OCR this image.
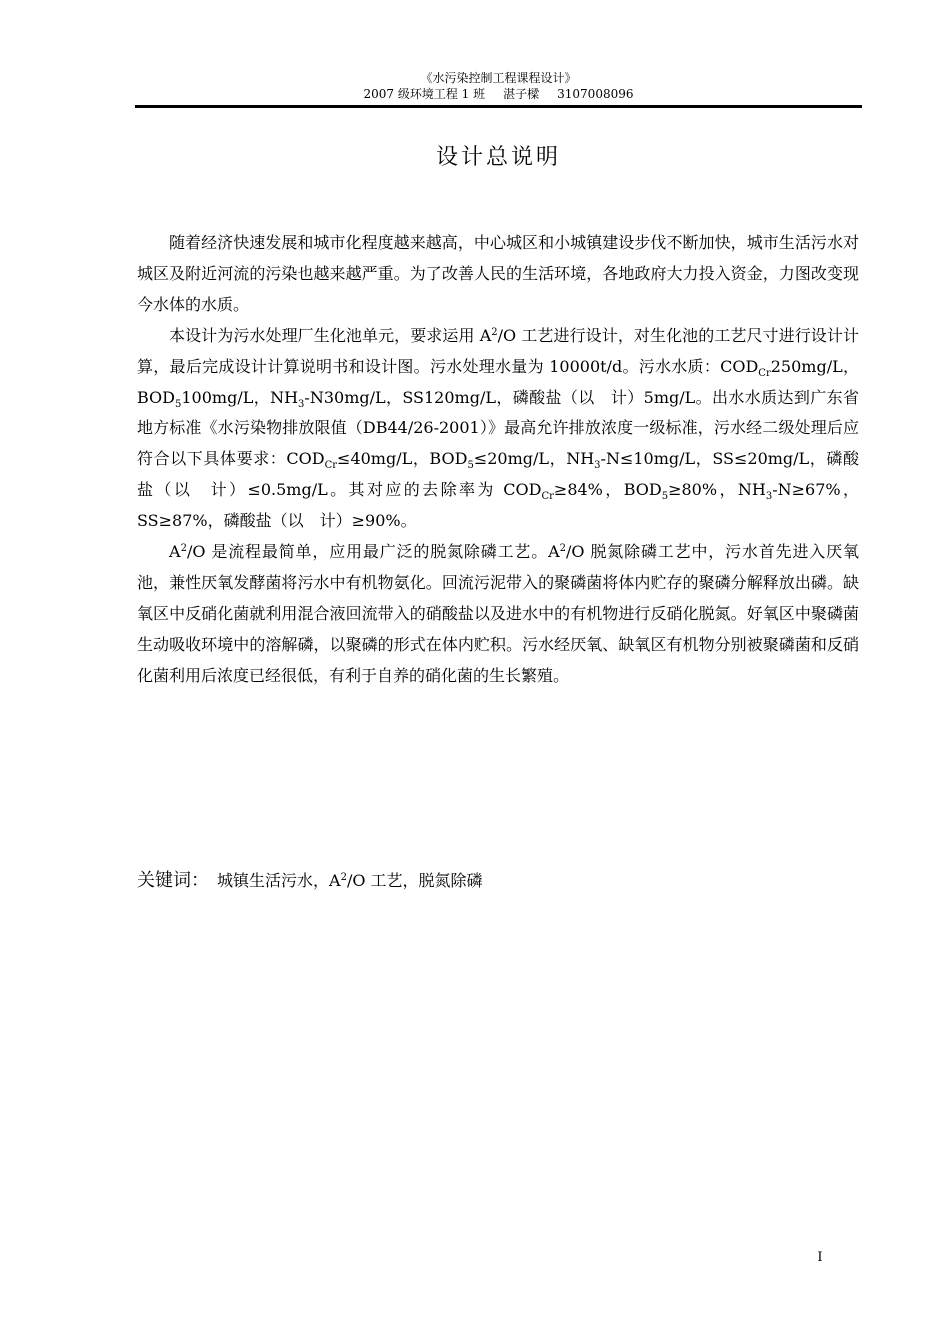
《水污染控制工程课程设计》
2007 级环境工程 1 班   湛子樑   3107008096
设计总说明

随着经济快速发展和城市化程度越来越高，中心城区和小城镇建设步伐不断加快，城市生活污水对城区及附近河流的污染也越来越严重。为了改善人民的生活环境，各地政府大力投入资金，力图改变现今水体的水质。

本设计为污水处理厂生化池单元，要求运用 $A^2/O$ 工艺进行设计，对生化池的工艺尺寸进行设计计算，最后完成设计计算说明书和设计图。污水处理水量为 10000t/d。污水水质：$COD_{Cr}250mg/L$，$BOD_5100mg/L$，$NH_3-N30mg/L$，SS120mg/L，磷酸盐（以　计）5mg/L。出水水质达到广东省地方标准《水污染物排放限值（DB44/26-2001）》最高允许排放浓度一级标准，污水经二级处理后应符合以下具体要求：$COD_{Cr}\le 40mg/L$，$BOD_5\le 20mg/L$，$NH_3-N\le 10mg/L$，SS≤20mg/L，磷酸盐（以　计）≤0.5mg/L。其对应的去除率为 $COD_{Cr}\ge 84\%$，$BOD_5\ge 80\%$，$NH_3-N\ge 67\%$，SS≥87%，磷酸盐（以　计）≥90%。

$A^2/O$ 是流程最简单，应用最广泛的脱氮除磷工艺。$A^2/O$ 脱氮除磷工艺中，污水首先进入厌氧池，兼性厌氧发酵菌将污水中有机物氨化。回流污泥带入的聚磷菌将体内贮存的聚磷分解释放出磷。缺氧区中反硝化菌就利用混合液回流带入的硝酸盐以及进水中的有机物进行反硝化脱氮。好氧区中聚磷菌生动吸收环境中的溶解磷，以聚磷的形式在体内贮积。污水经厌氧、缺氧区有机物分别被聚磷菌和反硝化菌利用后浓度已经很低，有利于自养的硝化菌的生长繁殖。

关键词： 城镇生活污水，$A^2/O$ 工艺，脱氮除磷
I
